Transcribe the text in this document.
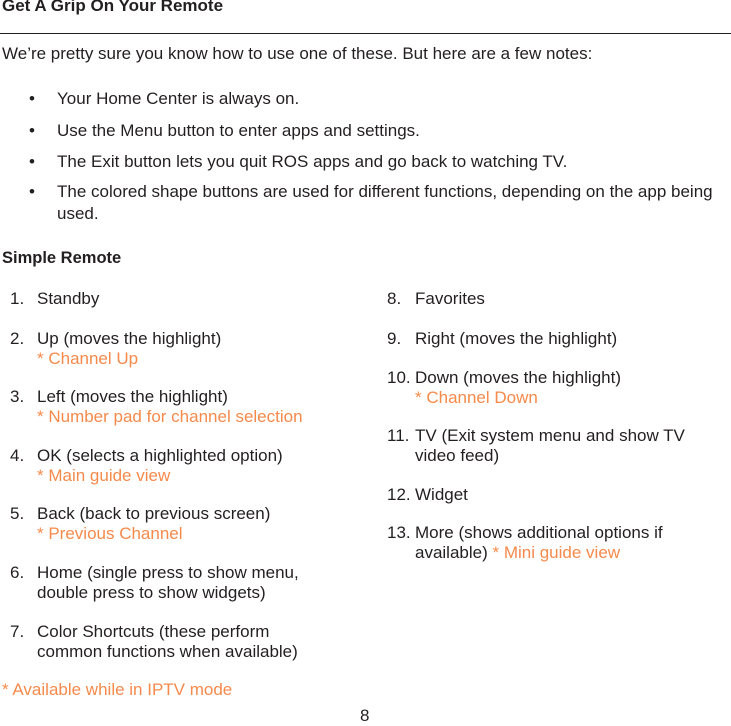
Get A Grip On Your Remote
We’re pretty sure you know how to use one of these. But here are a few notes:
• Your Home Center is always on.
• Use the Menu button to enter apps and settings.
• The Exit button lets you quit ROS apps and go back to watching TV.
• The colored shape buttons are used for different functions, depending on the app being used.
Simple Remote
1. Standby
2. Up (moves the highlight)
* Channel Up
3. Left (moves the highlight)
* Number pad for channel selection
4. OK (selects a highlighted option)
* Main guide view
5. Back (back to previous screen)
* Previous Channel
6. Home (single press to show menu, double press to show widgets)
7. Color Shortcuts (these perform common functions when available)
8. Favorites
9. Right (moves the highlight)
10. Down (moves the highlight)
* Channel Down
11. TV (Exit system menu and show TV video feed)
12. Widget
13. More (shows additional options if available) * Mini guide view
* Available while in IPTV mode
8
